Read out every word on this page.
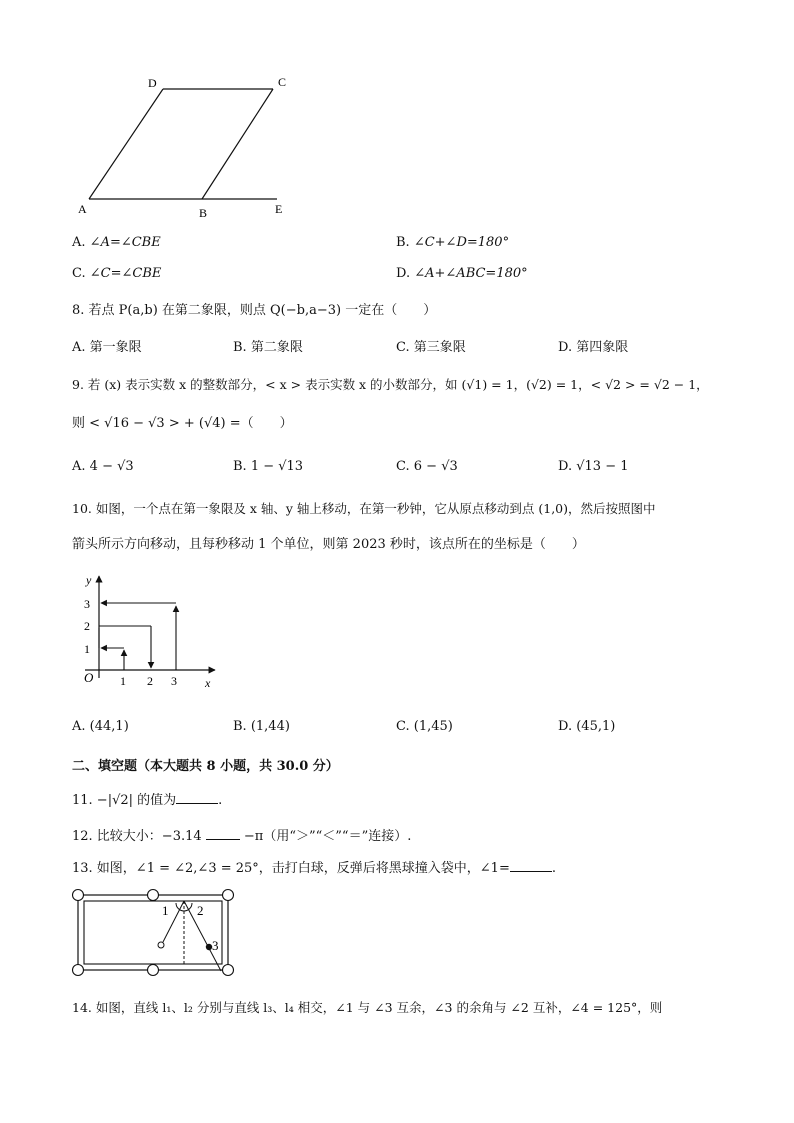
D	C
A	B	E
A. ∠A=∠CBE	B. ∠C+∠D=180°
C. ∠C=∠CBE	D. ∠A+∠ABC=180°
8. 若点 P(a,b) 在第二象限，则点 Q(−b,a−3) 一定在（　　）
A. 第一象限	B. 第二象限	C. 第三象限	D. 第四象限
9. 若 (x) 表示实数 x 的整数部分，< x > 表示实数 x 的小数部分，如 (√1) = 1，(√2) = 1，< √2 > = √2 − 1，
则 < √16 − √3 > + (√4) =（　　）
A. 4 − √3	B. 1 − √13	C. 6 − √3	D. √13 − 1
10. 如图，一个点在第一象限及 x 轴、y 轴上移动，在第一秒钟，它从原点移动到点 (1,0)，然后按照图中
箭头所示方向移动，且每秒移动 1 个单位，则第 2023 秒时，该点所在的坐标是（　　）
y
x
O 1 2 3
1
2
3
A. (44,1)	B. (1,44)	C. (1,45)	D. (45,1)
二、填空题（本大题共 8 小题，共 30.0 分）
11. −|√2| 的值为	.
12. 比较大小：−3.14	−π（用“＞”“＜”“＝”连接）.
13. 如图，∠1 = ∠2,∠3 = 25°，击打白球，反弹后将黑球撞入袋中，∠1=	.
1 2
3
14. 如图，直线 l₁、l₂ 分别与直线 l₃、l₄ 相交，∠1 与 ∠3 互余，∠3 的余角与 ∠2 互补，∠4 = 125°，则
